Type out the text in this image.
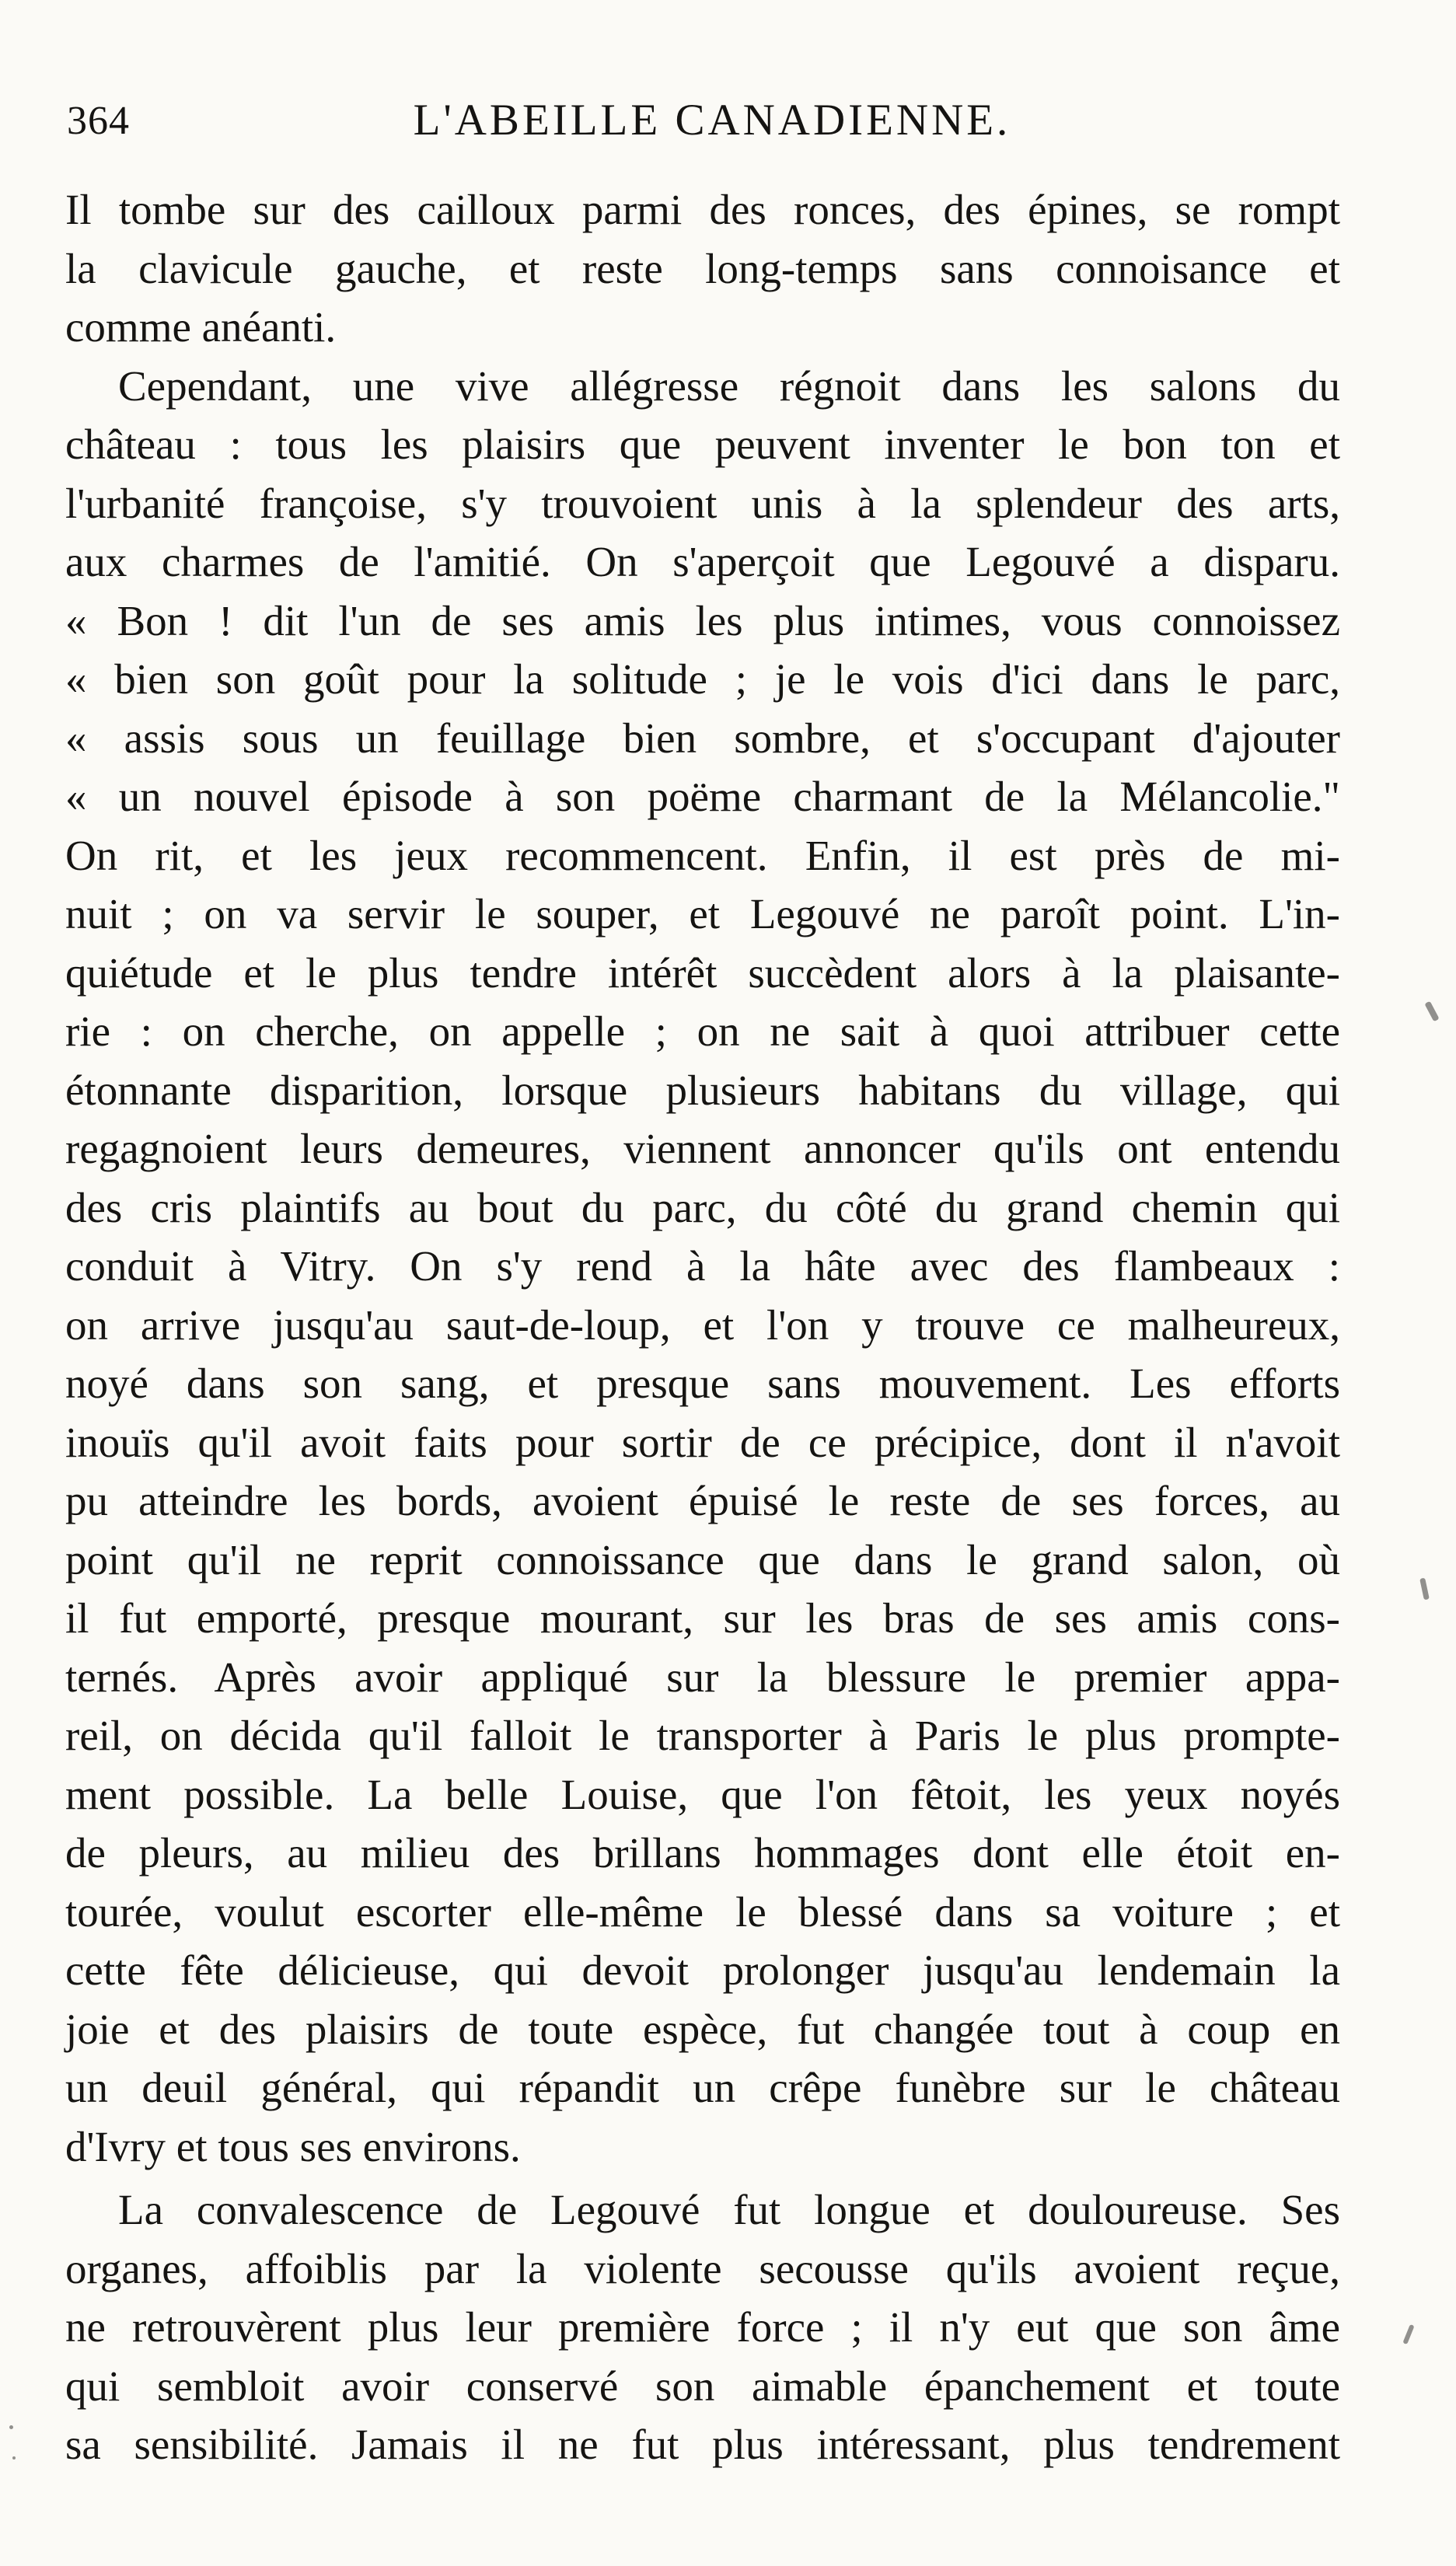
364	L'ABEILLE CANADIENNE.
Il tombe sur des cailloux parmi des ronces, des épines, se rompt
la clavicule gauche, et reste long-temps sans connoisance et
comme anéanti.
Cependant, une vive allégresse régnoit dans les salons du
château : tous les plaisirs que peuvent inventer le bon ton et
l'urbanité françoise, s'y trouvoient unis à la splendeur des arts,
aux charmes de l'amitié. On s'aperçoit que Legouvé a disparu.
« Bon ! dit l'un de ses amis les plus intimes, vous connoissez
« bien son goût pour la solitude ; je le vois d'ici dans le parc,
« assis sous un feuillage bien sombre, et s'occupant d'ajouter
« un nouvel épisode à son poëme charmant de la Mélancolie."
On rit, et les jeux recommencent. Enfin, il est près de mi-
nuit ; on va servir le souper, et Legouvé ne paroît point. L'in-
quiétude et le plus tendre intérêt succèdent alors à la plaisante-
rie : on cherche, on appelle ; on ne sait à quoi attribuer cette
étonnante disparition, lorsque plusieurs habitans du village, qui
regagnoient leurs demeures, viennent annoncer qu'ils ont entendu
des cris plaintifs au bout du parc, du côté du grand chemin qui
conduit à Vitry. On s'y rend à la hâte avec des flambeaux :
on arrive jusqu'au saut-de-loup, et l'on y trouve ce malheureux,
noyé dans son sang, et presque sans mouvement. Les efforts
inouïs qu'il avoit faits pour sortir de ce précipice, dont il n'avoit
pu atteindre les bords, avoient épuisé le reste de ses forces, au
point qu'il ne reprit connoissance que dans le grand salon, où
il fut emporté, presque mourant, sur les bras de ses amis cons-
ternés. Après avoir appliqué sur la blessure le premier appa-
reil, on décida qu'il falloit le transporter à Paris le plus prompte-
ment possible. La belle Louise, que l'on fêtoit, les yeux noyés
de pleurs, au milieu des brillans hommages dont elle étoit en-
tourée, voulut escorter elle-même le blessé dans sa voiture ; et
cette fête délicieuse, qui devoit prolonger jusqu'au lendemain la
joie et des plaisirs de toute espèce, fut changée tout à coup en
un deuil général, qui répandit un crêpe funèbre sur le château
d'Ivry et tous ses environs.
La convalescence de Legouvé fut longue et douloureuse. Ses
organes, affoiblis par la violente secousse qu'ils avoient reçue,
ne retrouvèrent plus leur première force ; il n'y eut que son âme
qui sembloit avoir conservé son aimable épanchement et toute
sa sensibilité. Jamais il ne fut plus intéressant, plus tendrement
